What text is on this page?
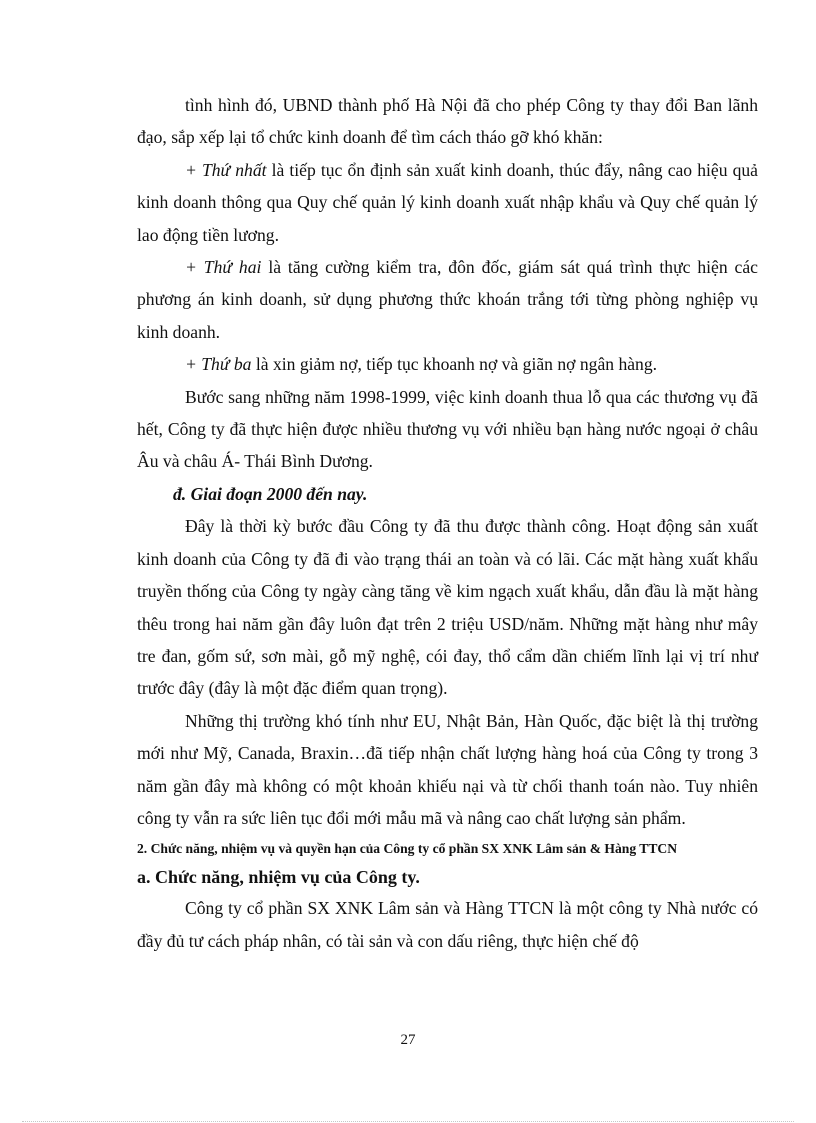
tình hình đó, UBND thành phố Hà Nội đã cho phép Công ty thay đổi Ban lãnh đạo, sắp xếp lại tổ chức kinh doanh để tìm cách tháo gỡ khó khăn:

+ Thứ nhất là tiếp tục ổn định sản xuất kinh doanh, thúc đẩy, nâng cao hiệu quả kinh doanh thông qua Quy chế quản lý kinh doanh xuất nhập khẩu và Quy chế quản lý lao động tiền lương.

+ Thứ hai là tăng cường kiểm tra, đôn đốc, giám sát quá trình thực hiện các phương án kinh doanh, sử dụng phương thức khoán trắng tới từng phòng nghiệp vụ kinh doanh.

+ Thứ ba là xin giảm nợ, tiếp tục khoanh nợ và giãn nợ ngân hàng.

Bước sang những năm 1998-1999, việc kinh doanh thua lỗ qua các thương vụ đã hết, Công ty đã thực hiện được nhiều thương vụ với nhiều bạn hàng nước ngoại ở châu Âu và châu Á- Thái Bình Dương.

đ. Giai đoạn 2000 đến nay.

Đây là thời kỳ bước đầu Công ty đã thu được thành công. Hoạt động sản xuất kinh doanh của Công ty đã đi vào trạng thái an toàn và có lãi. Các mặt hàng xuất khẩu truyền thống của Công ty ngày càng tăng về kim ngạch xuất khẩu, dẫn đầu là mặt hàng thêu trong hai năm gần đây luôn đạt trên 2 triệu USD/năm. Những mặt hàng như mây tre đan, gốm sứ, sơn mài, gỗ mỹ nghệ, cói đay, thổ cẩm dần chiếm lĩnh lại vị trí như trước đây (đây là một đặc điểm quan trọng).

Những thị trường khó tính như EU, Nhật Bản, Hàn Quốc, đặc biệt là thị trường mới như Mỹ, Canada, Braxin…đã tiếp nhận chất lượng hàng hoá của Công ty trong 3 năm gần đây mà không có một khoản khiếu nại và từ chối thanh toán nào. Tuy nhiên công ty vẫn ra sức liên tục đổi mới mẫu mã và nâng cao chất lượng sản phẩm.

2. Chức năng, nhiệm vụ và quyền hạn của Công ty cổ phần SX XNK Lâm sản & Hàng TTCN

a. Chức năng, nhiệm vụ của Công ty.

Công ty cổ phần SX XNK Lâm sản và Hàng TTCN là một công ty Nhà nước có đầy đủ tư cách pháp nhân, có tài sản và con dấu riêng, thực hiện chế độ

27
